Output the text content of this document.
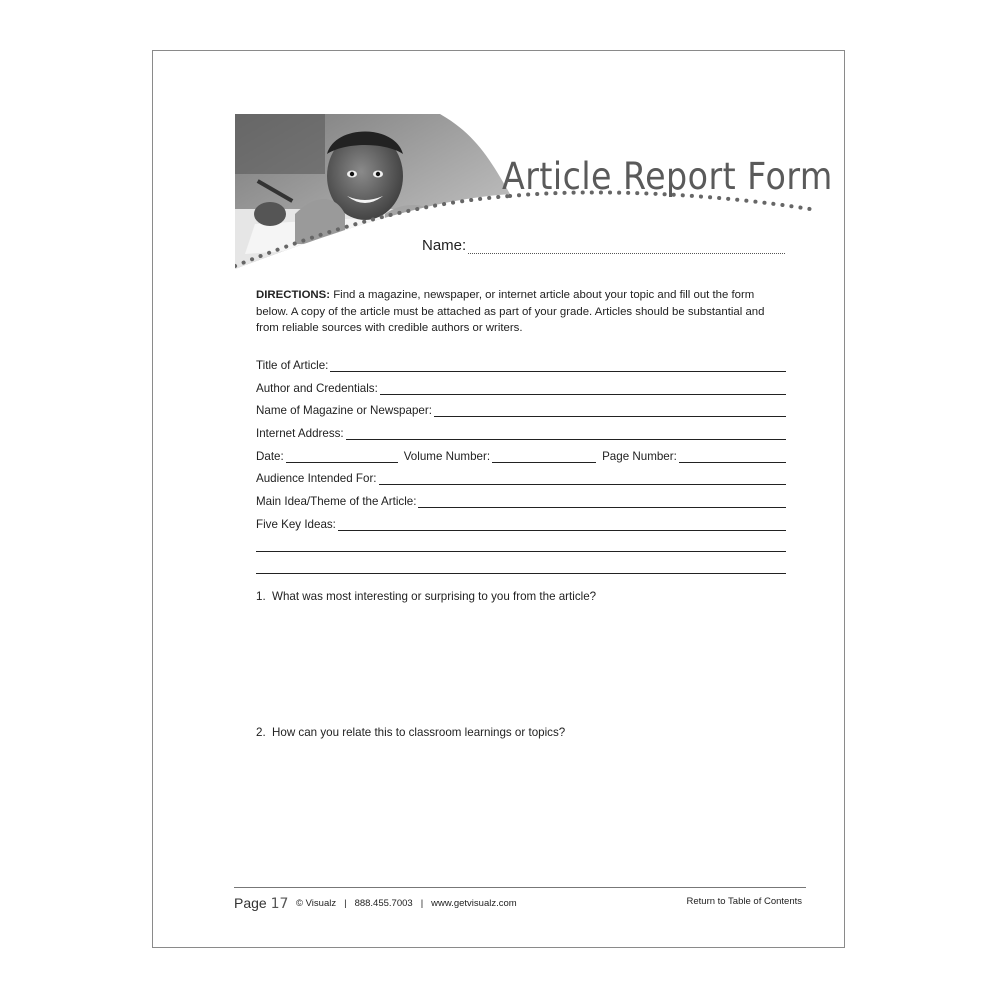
Article Report Form
Name:
DIRECTIONS: Find a magazine, newspaper, or internet article about your topic and fill out the form below. A copy of the article must be attached as part of your grade. Articles should be substantial and from reliable sources with credible authors or writers.
Title of Article:
Author and Credentials:
Name of Magazine or Newspaper:
Internet Address:
Date:	Volume Number:	Page Number:
Audience Intended For:
Main Idea/Theme of the Article:
Five Key Ideas:
1. What was most interesting or surprising to you from the article?
2. How can you relate this to classroom learnings or topics?
Page 17 © Visualz | 888.455.7003 | www.getvisualz.com	Return to Table of Contents
